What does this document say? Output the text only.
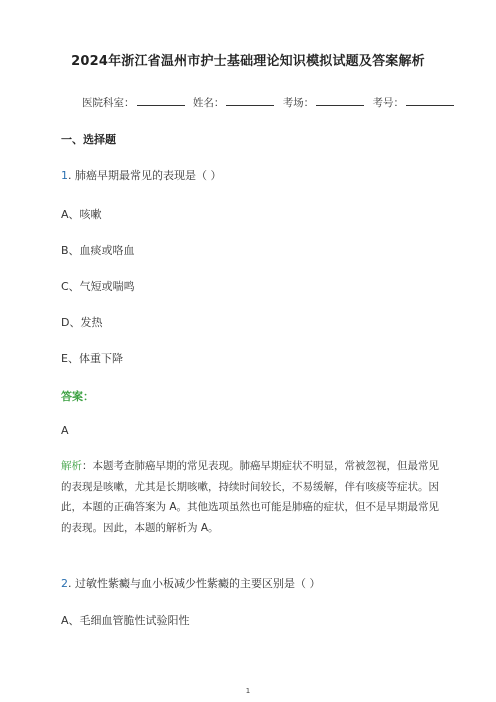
2024年浙江省温州市护士基础理论知识模拟试题及答案解析
医院科室：	姓名：	考场：	考号：
一、选择题
1. 肺癌早期最常见的表现是（ ）
A、咳嗽
B、血痰或咯血
C、气短或喘鸣
D、发热
E、体重下降
答案：
A
解析：本题考查肺癌早期的常见表现。肺癌早期症状不明显，常被忽视，但最常见的表现是咳嗽，尤其是长期咳嗽，持续时间较长，不易缓解，伴有咳痰等症状。因此，本题的正确答案为 A。其他选项虽然也可能是肺癌的症状，但不是早期最常见的表现。因此，本题的解析为 A。
2. 过敏性紫癜与血小板减少性紫癜的主要区别是（ ）
A、毛细血管脆性试验阳性
1
